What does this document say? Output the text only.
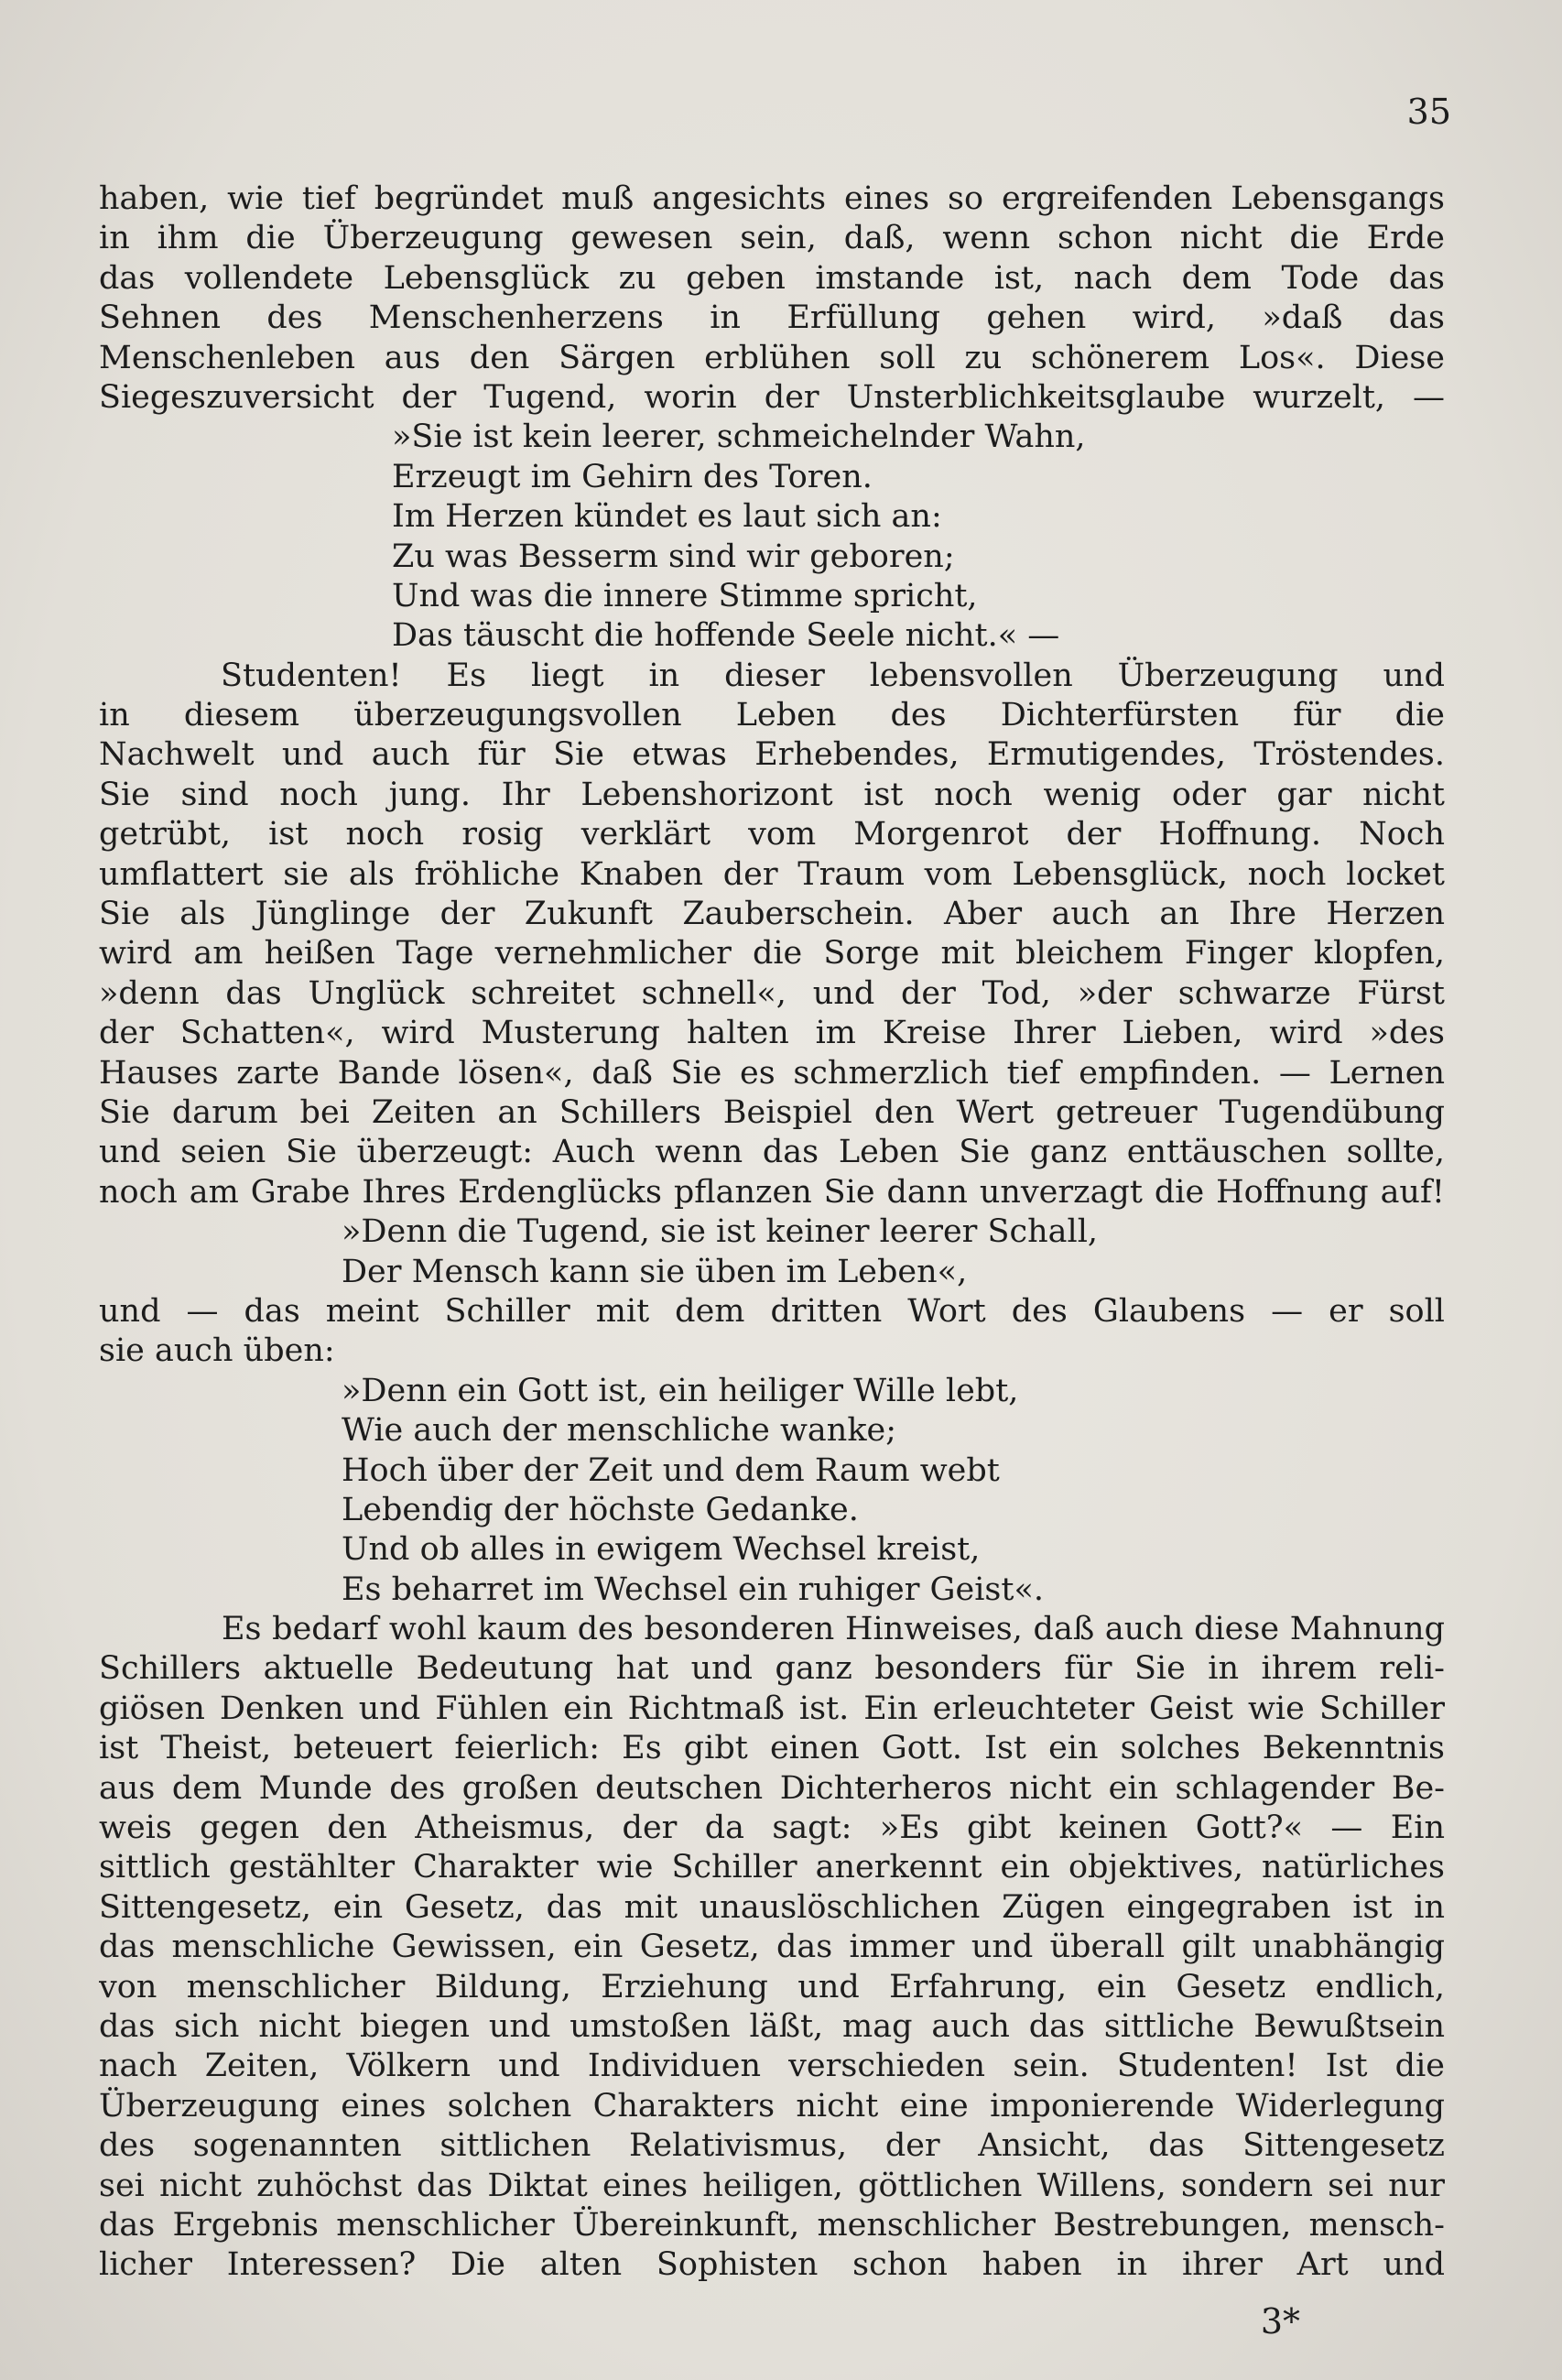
35
haben, wie tief begründet muß angesichts eines so ergreifenden Lebensgangs
in ihm die Überzeugung gewesen sein, daß, wenn schon nicht die Erde
das vollendete Lebensglück zu geben imstande ist, nach dem Tode das
Sehnen des Menschenherzens in Erfüllung gehen wird, »daß das
Menschenleben aus den Särgen erblühen soll zu schönerem Los«. Diese
Siegeszuversicht der Tugend, worin der Unsterblichkeitsglaube wurzelt, —
»Sie ist kein leerer, schmeichelnder Wahn,
Erzeugt im Gehirn des Toren.
Im Herzen kündet es laut sich an:
Zu was Besserm sind wir geboren;
Und was die innere Stimme spricht,
Das täuscht die hoffende Seele nicht.« —
Studenten! Es liegt in dieser lebensvollen Überzeugung und
in diesem überzeugungsvollen Leben des Dichterfürsten für die
Nachwelt und auch für Sie etwas Erhebendes, Ermutigendes, Tröstendes.
Sie sind noch jung. Ihr Lebenshorizont ist noch wenig oder gar nicht
getrübt, ist noch rosig verklärt vom Morgenrot der Hoffnung. Noch
umflattert sie als fröhliche Knaben der Traum vom Lebensglück, noch locket
Sie als Jünglinge der Zukunft Zauberschein. Aber auch an Ihre Herzen
wird am heißen Tage vernehmlicher die Sorge mit bleichem Finger klopfen,
»denn das Unglück schreitet schnell«, und der Tod, »der schwarze Fürst
der Schatten«, wird Musterung halten im Kreise Ihrer Lieben, wird »des
Hauses zarte Bande lösen«, daß Sie es schmerzlich tief empfinden. — Lernen
Sie darum bei Zeiten an Schillers Beispiel den Wert getreuer Tugendübung
und seien Sie überzeugt: Auch wenn das Leben Sie ganz enttäuschen sollte,
noch am Grabe Ihres Erdenglücks pflanzen Sie dann unverzagt die Hoffnung auf!
»Denn die Tugend, sie ist keiner leerer Schall,
Der Mensch kann sie üben im Leben«,
und — das meint Schiller mit dem dritten Wort des Glaubens — er soll
sie auch üben:
»Denn ein Gott ist, ein heiliger Wille lebt,
Wie auch der menschliche wanke;
Hoch über der Zeit und dem Raum webt
Lebendig der höchste Gedanke.
Und ob alles in ewigem Wechsel kreist,
Es beharret im Wechsel ein ruhiger Geist«.
Es bedarf wohl kaum des besonderen Hinweises, daß auch diese Mahnung
Schillers aktuelle Bedeutung hat und ganz besonders für Sie in ihrem reli-
giösen Denken und Fühlen ein Richtmaß ist. Ein erleuchteter Geist wie Schiller
ist Theist, beteuert feierlich: Es gibt einen Gott. Ist ein solches Bekenntnis
aus dem Munde des großen deutschen Dichterheros nicht ein schlagender Be-
weis gegen den Atheismus, der da sagt: »Es gibt keinen Gott?« — Ein
sittlich gestählter Charakter wie Schiller anerkennt ein objektives, natürliches
Sittengesetz, ein Gesetz, das mit unauslöschlichen Zügen eingegraben ist in
das menschliche Gewissen, ein Gesetz, das immer und überall gilt unabhängig
von menschlicher Bildung, Erziehung und Erfahrung, ein Gesetz endlich,
das sich nicht biegen und umstoßen läßt, mag auch das sittliche Bewußtsein
nach Zeiten, Völkern und Individuen verschieden sein. Studenten! Ist die
Überzeugung eines solchen Charakters nicht eine imponierende Widerlegung
des sogenannten sittlichen Relativismus, der Ansicht, das Sittengesetz
sei nicht zuhöchst das Diktat eines heiligen, göttlichen Willens, sondern sei nur
das Ergebnis menschlicher Übereinkunft, menschlicher Bestrebungen, mensch-
licher Interessen? Die alten Sophisten schon haben in ihrer Art und
3*
